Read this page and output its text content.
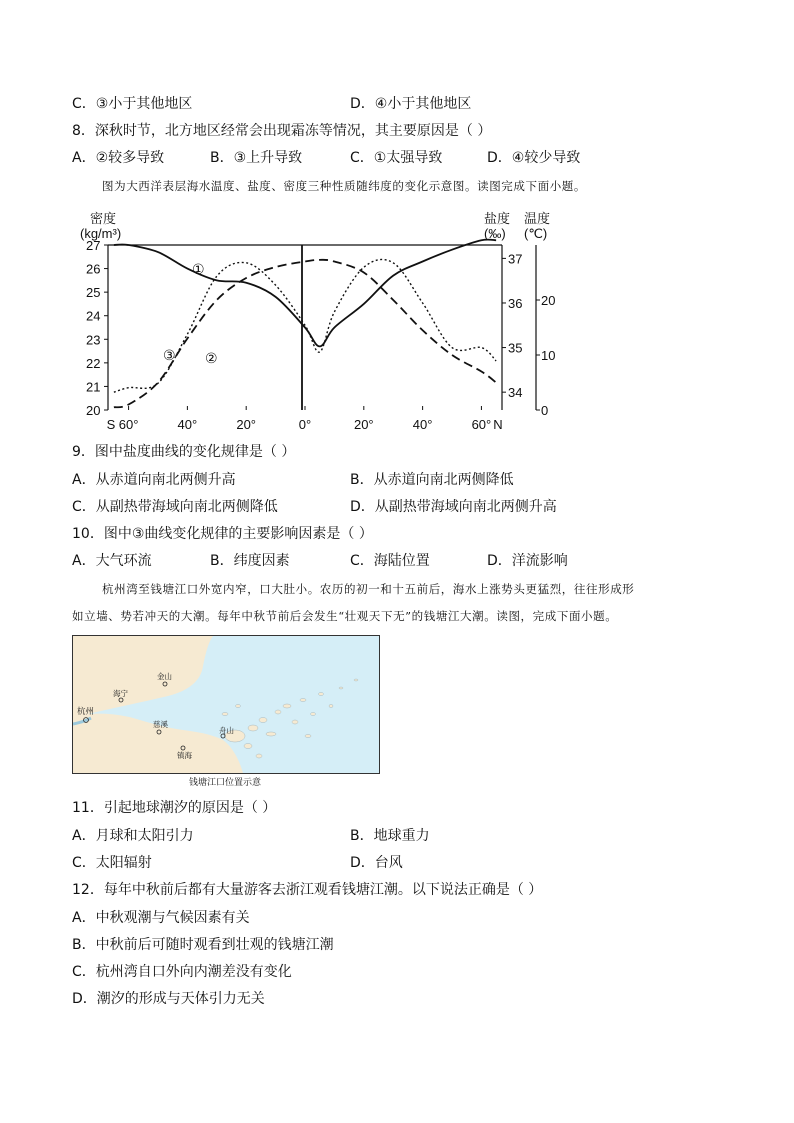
C．③小于其他地区	D．④小于其他地区
8．深秋时节，北方地区经常会出现霜冻等情况，其主要原因是（ ）
A．②较多导致	B．③上升导致	C．①太强导致	D．④较少导致
图为大西洋表层海水温度、盐度、密度三种性质随纬度的变化示意图。读图完成下面小题。
密度
(kg/m³)
盐度
(‰)
温度
(℃)
27
26
25
24
23
22
21
20
37
36
35
34
20
10
0
S 60°	40°	20°	0°	20°	40°	60° N
①
②
③
9．图中盐度曲线的变化规律是（ ）
A．从赤道向南北两侧升高	B．从赤道向南北两侧降低
C．从副热带海域向南北两侧降低	D．从副热带海域向南北两侧升高
10．图中③曲线变化规律的主要影响因素是（ ）
A．大气环流	B．纬度因素	C．海陆位置	D．洋流影响
杭州湾至钱塘江口外宽内窄，口大肚小。农历的初一和十五前后，海水上涨势头更猛烈，往往形成形
如立墙、势若冲天的大潮。每年中秋节前后会发生“壮观天下无”的钱塘江大潮。读图，完成下面小题。
金山
海宁
杭州
慈溪
镇海
舟山
钱塘江口位置示意
11．引起地球潮汐的原因是（ ）
A．月球和太阳引力	B．地球重力
C．太阳辐射	D．台风
12．每年中秋前后都有大量游客去浙江观看钱塘江潮。以下说法正确是（ ）
A．中秋观潮与气候因素有关
B．中秋前后可随时观看到壮观的钱塘江潮
C．杭州湾自口外向内潮差没有变化
D．潮汐的形成与天体引力无关
